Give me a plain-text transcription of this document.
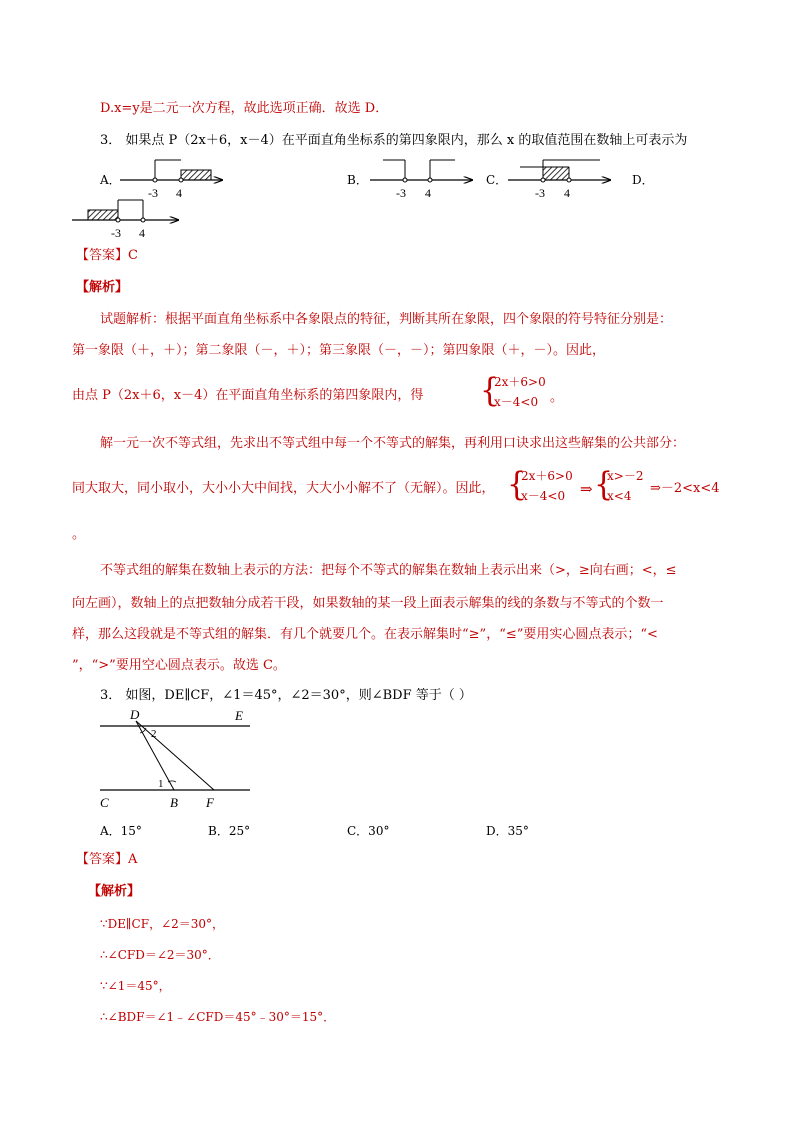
D.x=y是二元一次方程，故此选项正确．故选 D．
3． 如果点 P（2x＋6，x－4）在平面直角坐标系的第四象限内，那么 x 的取值范围在数轴上可表示为
A．	B．	C．	D．
-3 4	-3 4	-3 4
-3 4
【答案】C
【解析】
试题解析：根据平面直角坐标系中各象限点的特征，判断其所在象限，四个象限的符号特征分别是：
第一象限（＋，＋）；第二象限（－，＋）；第三象限（－，－）；第四象限（＋，－）。因此，
由点 P（2x＋6，x－4）在平面直角坐标系的第四象限内，得 {
2x＋6>0
x－4<0 。
解一元一次不等式组，先求出不等式组中每一个不等式的解集，再利用口诀求出这些解集的公共部分：
同大取大，同小取小，大小小大中间找，大大小小解不了（无解）。因此， {
2x＋6>0
x－4<0 ⇒ {
x>－2
x<4	⇒－2<x<4
。
不等式组的解集在数轴上表示的方法：把每个不等式的解集在数轴上表示出来（>，≥向右画；<，≤
向左画），数轴上的点把数轴分成若干段，如果数轴的某一段上面表示解集的线的条数与不等式的个数一
样，那么这段就是不等式组的解集．有几个就要几个。在表示解集时“≥”，“≤”要用实心圆点表示；“<
”，“>”要用空心圆点表示。故选 C。
3． 如图，DE∥CF，∠1＝45°，∠2＝30°，则∠BDF 等于（ ）
D	E
C	B F
1
2
A．15°	B．25°	C．30°	D．35°
【答案】A
【解析】
∵DE∥CF，∠2＝30°，
∴∠CFD＝∠2＝30°．
∵∠1＝45°，
∴∠BDF＝∠1﹣∠CFD＝45°﹣30°＝15°．
